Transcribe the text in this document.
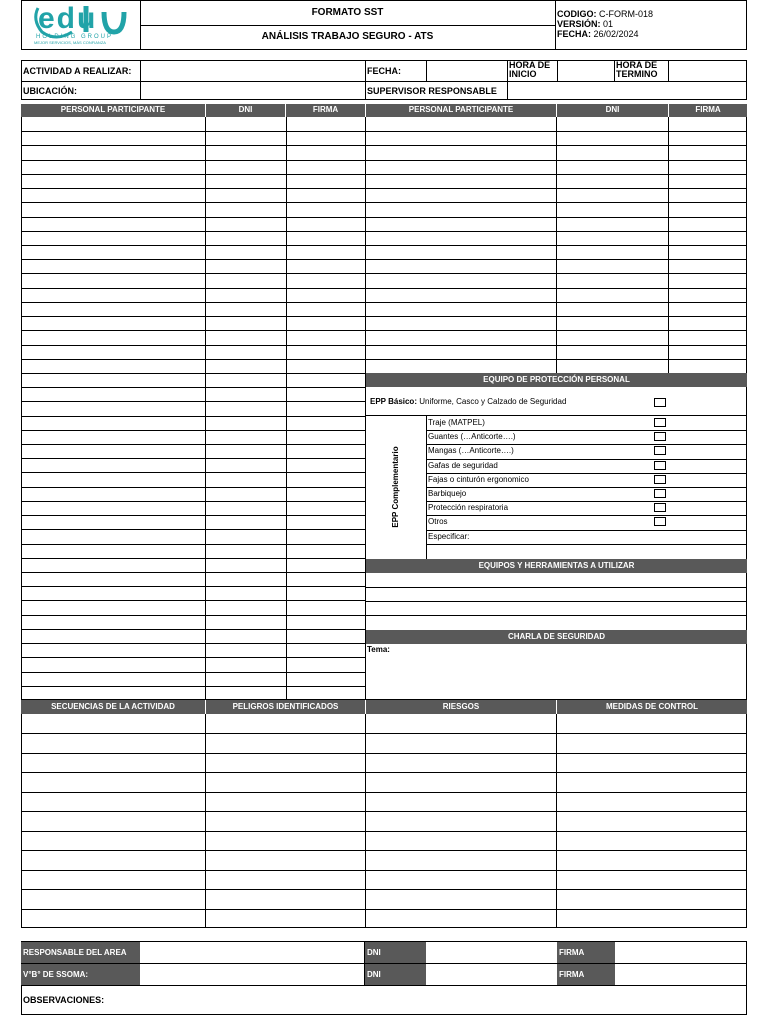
edu
HOLDING GROUP
MEJOR SERVICIOS, MÁS CONFIANZA
FORMATO SST
ANÁLISIS TRABAJO SEGURO - ATS
CODIGO: C-FORM-018
VERSIÓN: 01
FECHA: 26/02/2024
ACTIVIDAD A REALIZAR:	FECHA:
HORA DE
INICIO
HORA DE
TERMINO
UBICACIÓN:	SUPERVISOR RESPONSABLE
PERSONAL PARTICIPANTE	DNI	FIRMA	PERSONAL PARTICIPANTE	DNI	FIRMA
EQUIPO DE PROTECCIÓN PERSONAL
EPP Básico: Uniforme, Casco y Calzado de Seguridad
EPP Complementario
Traje (MATPEL)
Guantes (…Anticorte….)
Mangas (…Anticorte….)
Gafas de seguridad
Fajas o cinturón ergonomico
Barbiquejo
Protección respiratoria
Otros
Especificar:
EQUIPOS Y HERRAMIENTAS A UTILIZAR
CHARLA DE SEGURIDAD
Tema:
SECUENCIAS DE LA ACTIVIDAD	PELIGROS IDENTIFICADOS	RIESGOS	MEDIDAS DE CONTROL
RESPONSABLE DEL AREA	DNI	FIRMA
V°B° DE SSOMA:	DNI	FIRMA
OBSERVACIONES:
